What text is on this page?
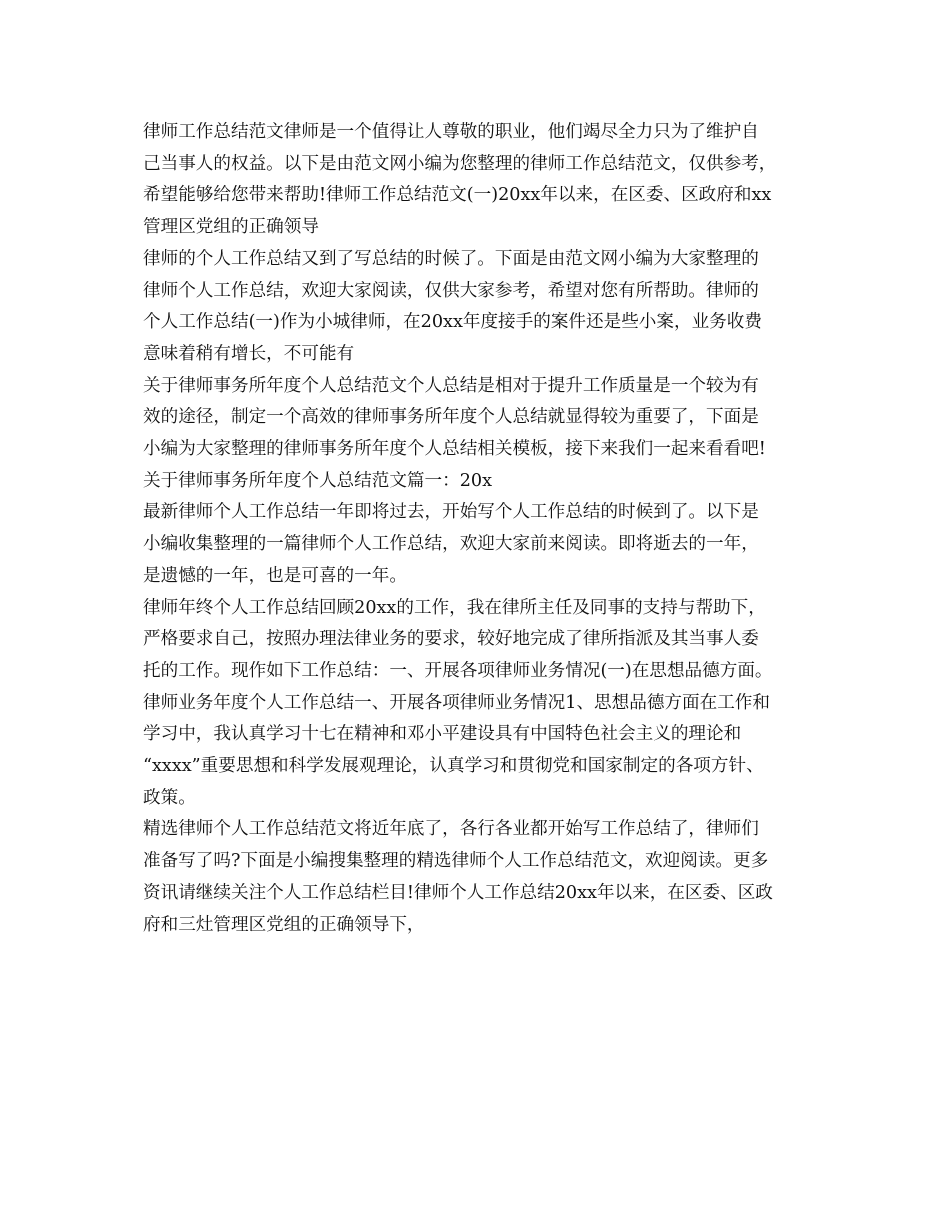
律师工作总结范文律师是一个值得让人尊敬的职业，他们竭尽全力只为了维护自
己当事人的权益。以下是由范文网小编为您整理的律师工作总结范文，仅供参考，
希望能够给您带来帮助!律师工作总结范文(一)20xx年以来，在区委、区政府和xx
管理区党组的正确领导

律师的个人工作总结又到了写总结的时候了。下面是由范文网小编为大家整理的
律师个人工作总结，欢迎大家阅读，仅供大家参考，希望对您有所帮助。律师的
个人工作总结(一)作为小城律师，在20xx年度接手的案件还是些小案，业务收费
意味着稍有增长，不可能有

关于律师事务所年度个人总结范文个人总结是相对于提升工作质量是一个较为有
效的途径，制定一个高效的律师事务所年度个人总结就显得较为重要了，下面是
小编为大家整理的律师事务所年度个人总结相关模板，接下来我们一起来看看吧!
关于律师事务所年度个人总结范文篇一：20x

最新律师个人工作总结一年即将过去，开始写个人工作总结的时候到了。以下是
小编收集整理的一篇律师个人工作总结，欢迎大家前来阅读。即将逝去的一年，
是遗憾的一年，也是可喜的一年。

律师年终个人工作总结回顾20xx的工作，我在律所主任及同事的支持与帮助下，
严格要求自己，按照办理法律业务的要求，较好地完成了律所指派及其当事人委
托的工作。现作如下工作总结：一、开展各项律师业务情况(一)在思想品德方面。

律师业务年度个人工作总结一、开展各项律师业务情况1、思想品德方面在工作和
学习中，我认真学习十七在精神和邓小平建设具有中国特色社会主义的理论和
“xxxx”重要思想和科学发展观理论，认真学习和贯彻党和国家制定的各项方针、
政策。

精选律师个人工作总结范文将近年底了，各行各业都开始写工作总结了，律师们
准备写了吗?下面是小编搜集整理的精选律师个人工作总结范文，欢迎阅读。更多
资讯请继续关注个人工作总结栏目!律师个人工作总结20xx年以来，在区委、区政
府和三灶管理区党组的正确领导下，
